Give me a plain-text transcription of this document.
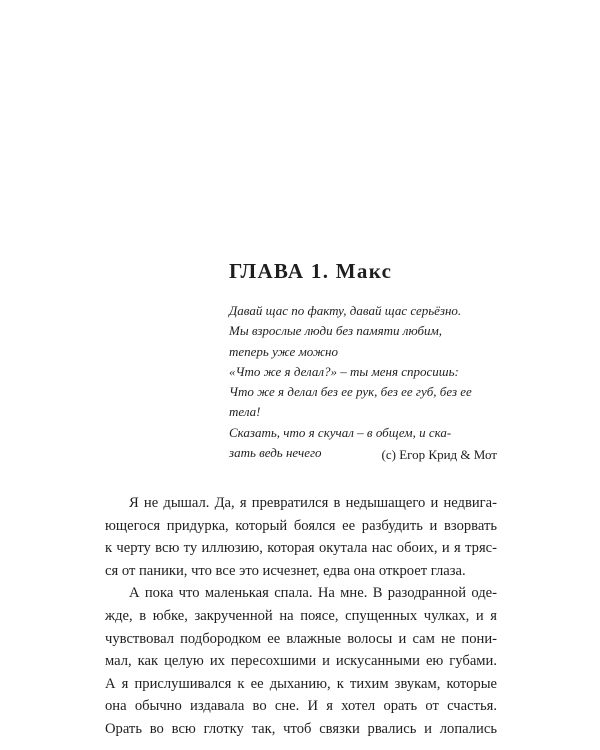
ГЛАВА 1. Макс
Давай щас по факту, давай щас серьёзно.
Мы взрослые люди без памяти любим,
теперь уже можно
«Что же я делал?» – ты меня спросишь:
Что же я делал без ее рук, без ее губ, без ее
тела!
Сказать, что я скучал – в общем, и ска-
зать ведь нечего	(с) Егор Крид & Мот
Я не дышал. Да, я превратился в недышащего и недвига-
ющегося придурка, который боялся ее разбудить и взорвать
к черту всю ту иллюзию, которая окутала нас обоих, и я тряс-
ся от паники, что все это исчезнет, едва она откроет глаза.
А пока что маленькая спала. На мне. В разодранной оде-
жде, в юбке, закрученной на поясе, спущенных чулках, и я
чувствовал подбородком ее влажные волосы и сам не пони-
мал, как целую их пересохшими и искусанными ею губами.
А я прислушивался к ее дыханию, к тихим звукам, которые
она обычно издавала во сне. И я хотел орать от счастья.
Орать во всю глотку так, чтоб связки рвались и лопались
